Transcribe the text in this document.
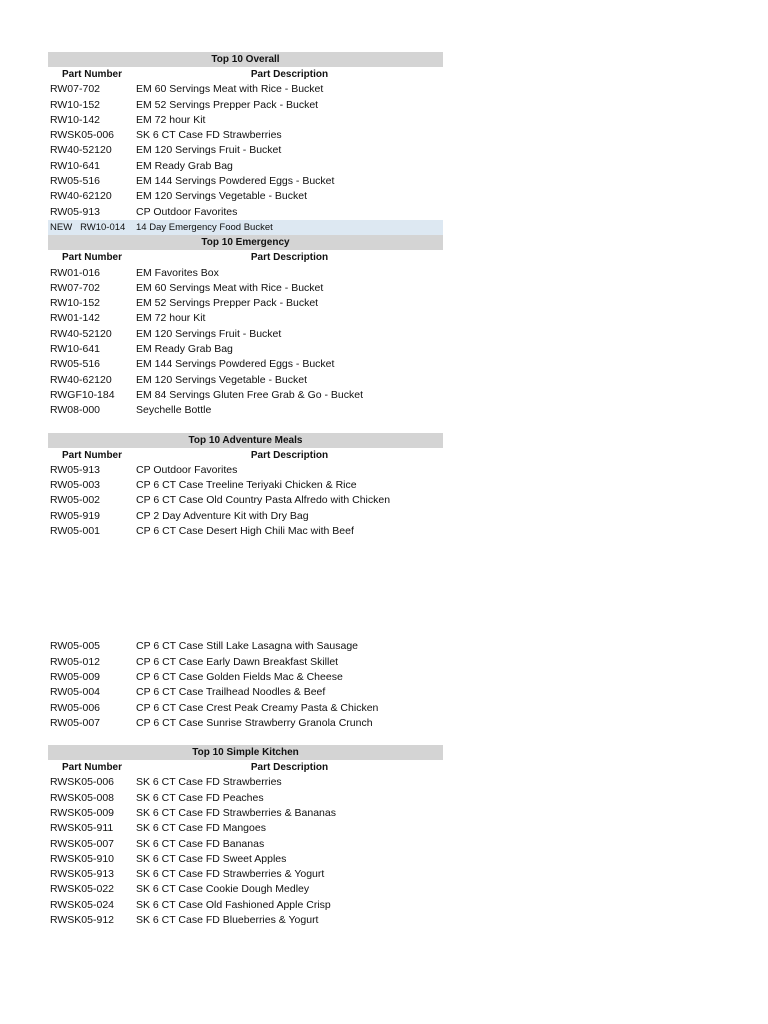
Top 10 Overall
Part Number	Part Description
RW07-702	EM 60 Servings Meat with Rice - Bucket
RW10-152	EM 52 Servings Prepper Pack - Bucket
RW10-142	EM 72 hour Kit
RWSK05-006	SK 6 CT Case FD Strawberries
RW40-52120	EM 120 Servings Fruit - Bucket
RW10-641	EM Ready Grab Bag
RW05-516	EM 144 Servings Powdered Eggs - Bucket
RW40-62120	EM 120 Servings Vegetable - Bucket
RW05-913	CP Outdoor Favorites
NEW   RW10-014	14 Day Emergency Food Bucket
Top 10 Emergency
Part Number	Part Description
RW01-016	EM Favorites Box
RW07-702	EM 60 Servings Meat with Rice - Bucket
RW10-152	EM 52 Servings Prepper Pack - Bucket
RW01-142	EM 72 hour Kit
RW40-52120	EM 120 Servings Fruit - Bucket
RW10-641	EM Ready Grab Bag
RW05-516	EM 144 Servings Powdered Eggs - Bucket
RW40-62120	EM 120 Servings Vegetable - Bucket
RWGF10-184	EM 84 Servings Gluten Free Grab & Go - Bucket
RW08-000	Seychelle Bottle
Top 10 Adventure Meals
Part Number	Part Description
RW05-913	CP Outdoor Favorites
RW05-003	CP 6 CT Case Treeline Teriyaki Chicken & Rice
RW05-002	CP 6 CT Case Old Country Pasta Alfredo with Chicken
RW05-919	CP 2 Day Adventure Kit with Dry Bag
RW05-001	CP 6 CT Case Desert High Chili Mac with Beef
RW05-005	CP 6 CT Case Still Lake Lasagna with Sausage
RW05-012	CP 6 CT Case Early Dawn Breakfast Skillet
RW05-009	CP 6 CT Case Golden Fields Mac & Cheese
RW05-004	CP 6 CT Case Trailhead Noodles & Beef
RW05-006	CP 6 CT Case Crest Peak Creamy Pasta & Chicken
RW05-007	CP 6 CT Case Sunrise Strawberry Granola Crunch
Top 10 Simple Kitchen
Part Number	Part Description
RWSK05-006	SK 6 CT Case FD Strawberries
RWSK05-008	SK 6 CT Case FD Peaches
RWSK05-009	SK 6 CT Case FD Strawberries & Bananas
RWSK05-911	SK 6 CT Case FD Mangoes
RWSK05-007	SK 6 CT Case FD Bananas
RWSK05-910	SK 6 CT Case FD Sweet Apples
RWSK05-913	SK 6 CT Case FD Strawberries & Yogurt
RWSK05-022	SK 6 CT Case Cookie Dough Medley
RWSK05-024	SK 6 CT Case Old Fashioned Apple Crisp
RWSK05-912	SK 6 CT Case FD Blueberries & Yogurt
